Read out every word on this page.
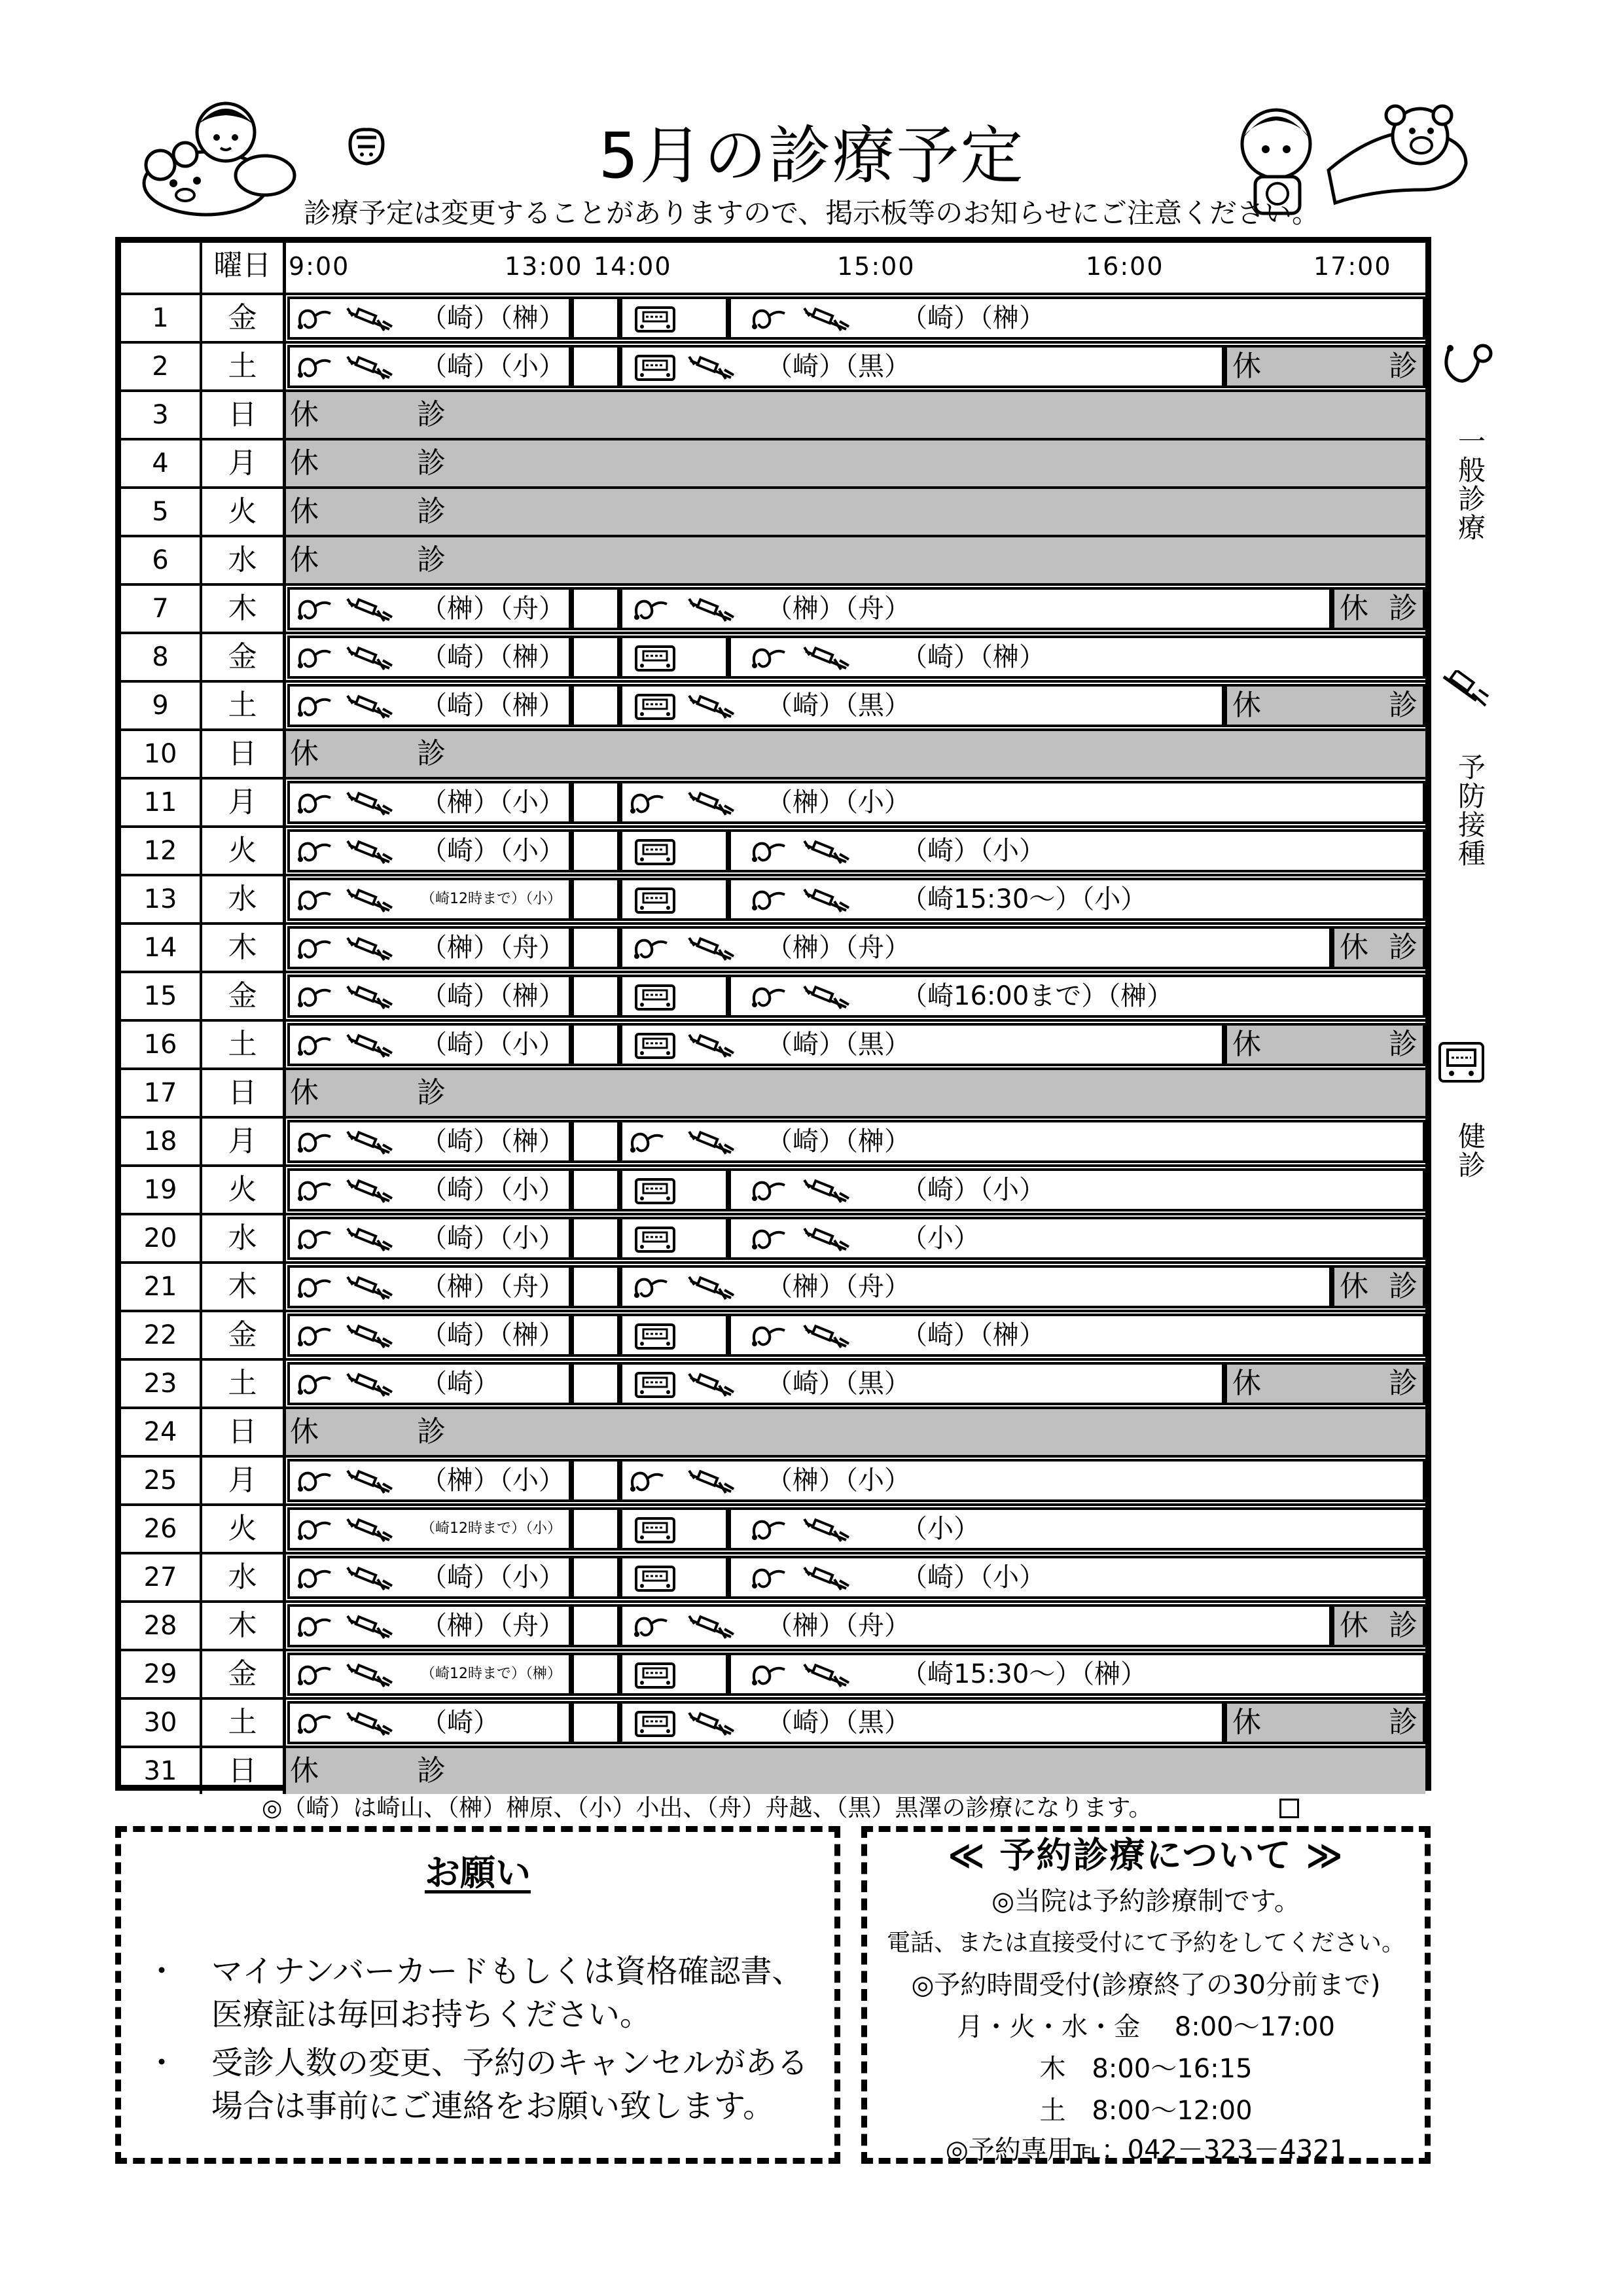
5月の診療予定
診療予定は変更することがありますので、掲示板等のお知らせにご注意ください。
曜日 9:00	13:00 14:00	15:00	16:00	17:00
1	金	（崎）（榊）	（崎）（榊）
2	土	（崎）（小）	（崎）（黒）	休	診
3	日	休	診
4	月	休	診
5	火	休	診
6	水	休	診
7	木	（榊）（舟）	（榊）（舟）	休 診
8	金	（崎）（榊）	（崎）（榊）
9	土	（崎）（榊）	（崎）（黒）	休	診
10	日	休	診
11	月	（榊）（小）	（榊）（小）
12	火	（崎）（小）	（崎）（小）
13	水	（崎12時まで）（小）	（崎15:30～）（小）
14	木	（榊）（舟）	（榊）（舟）	休 診
15	金	（崎）（榊）	（崎16:00まで）（榊）
16	土	（崎）（小）	（崎）（黒）	休	診
17	日	休	診
18	月	（崎）（榊）	（崎）（榊）
19	火	（崎）（小）	（崎）（小）
20	水	（崎）（小）	（小）
21	木	（榊）（舟）	（榊）（舟）	休 診
22	金	（崎）（榊）	（崎）（榊）
23	土	（崎）	（崎）（黒）	休	診
24	日	休	診
25	月	（榊）（小）	（榊）（小）
26	火	（崎12時まで）（小）	（小）
27	水	（崎）（小）	（崎）（小）
28	木	（榊）（舟）	（榊）（舟）	休 診
29	金	（崎12時まで）（榊）	（崎15:30～）（榊）
30	土	（崎）	（崎）（黒）	休	診
31	日	休	診
一般診療
予防接種
健診
◎（崎）は崎山、（榊）榊原、（小）小出、（舟）舟越、（黒）黒澤の診療になります。
お願い
・ マイナンバーカードもしくは資格確認書、
医療証は毎回お持ちください。
・ 受診人数の変更、予約のキャンセルがある
場合は事前にご連絡をお願い致します。
≪ 予約診療について ≫
◎当院は予約診療制です。
電話、または直接受付にて予約をしてください。
◎予約時間受付(診療終了の30分前まで)
月・火・水・金　 8:00～17:00
木　8:00～16:15
土　8:00～12:00
◎予約専用℡：042－323－4321
